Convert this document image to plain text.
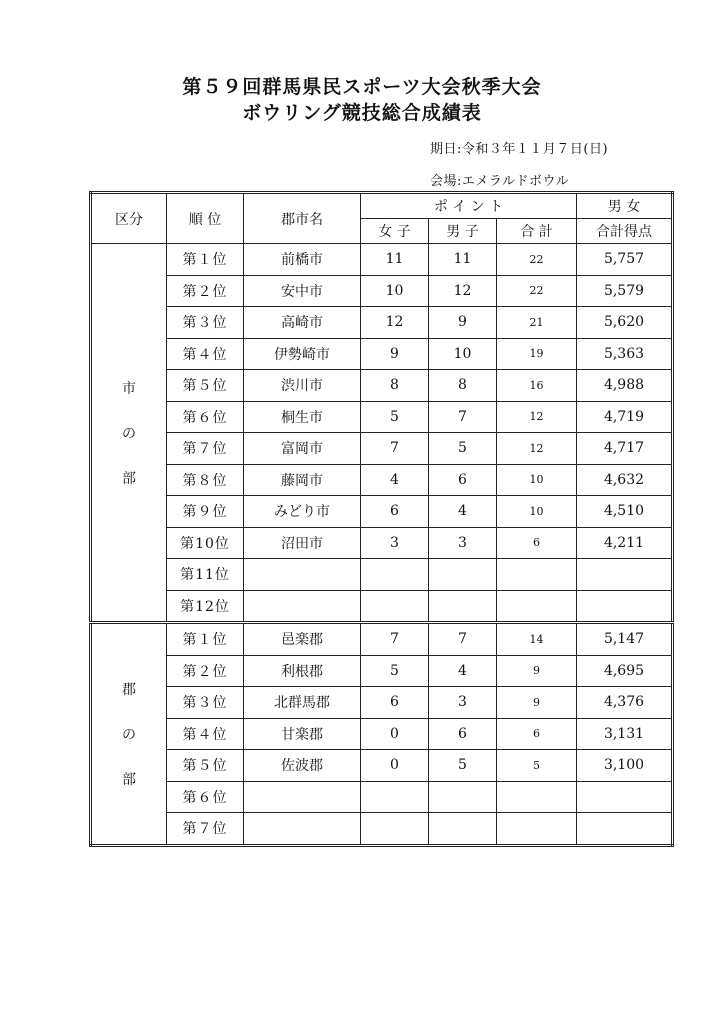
第５９回群馬県民スポーツ大会秋季大会
ボウリング競技総合成績表
期日:令和３年１１月７日(日)
会場:エメラルドボウル
区分	順 位	郡市名	ポ イ ン ト			男 女
			女 子	男 子	合 計	合計得点

市
の
部	第１位	前橋市	11	11	22	5,757
	第２位	安中市	10	12	22	5,579
	第３位	高崎市	12	9	21	5,620
	第４位	伊勢崎市	9	10	19	5,363
	第５位	渋川市	8	8	16	4,988
	第６位	桐生市	5	7	12	4,719
	第７位	富岡市	7	5	12	4,717
	第８位	藤岡市	4	6	10	4,632
	第９位	みどり市	6	4	10	4,510
	第10位	沼田市	3	3	6	4,211
	第11位					
	第12位					

郡
の
部	第１位	邑楽郡	7	7	14	5,147
	第２位	利根郡	5	4	9	4,695
	第３位	北群馬郡	6	3	9	4,376
	第４位	甘楽郡	0	6	6	3,131
	第５位	佐波郡	0	5	5	3,100
	第６位					
	第７位					
